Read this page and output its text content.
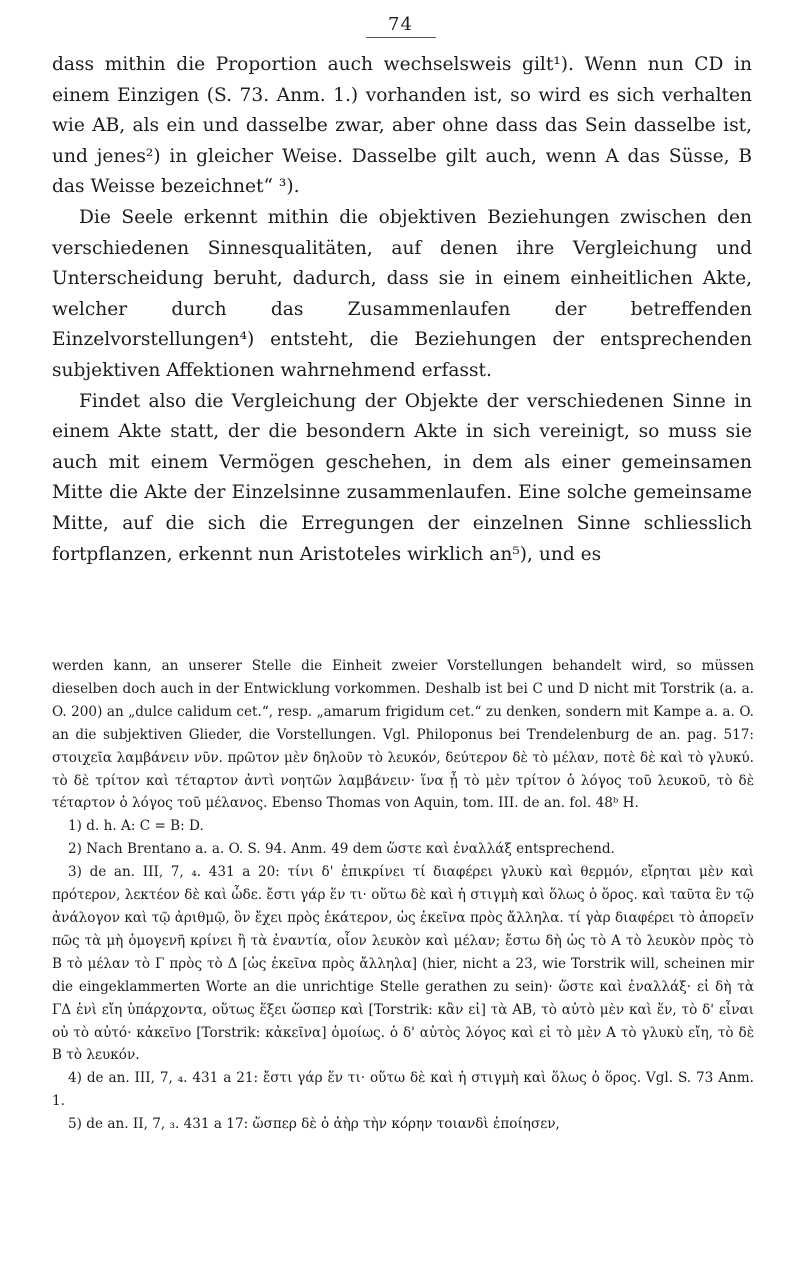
74

dass mithin die Proportion auch wechselsweis gilt¹). Wenn nun CD in einem Einzigen (S. 73. Anm. 1.) vorhanden ist, so wird es sich verhalten wie AB, als ein und dasselbe zwar, aber ohne dass das Sein dasselbe ist, und jenes²) in gleicher Weise. Dasselbe gilt auch, wenn A das Süsse, B das Weisse bezeichnet“ ³).

Die Seele erkennt mithin die objektiven Beziehungen zwischen den verschiedenen Sinnesqualitäten, auf denen ihre Vergleichung und Unterscheidung beruht, dadurch, dass sie in einem einheitlichen Akte, welcher durch das Zusammenlaufen der betreffenden Einzelvorstellungen⁴) entsteht, die Beziehungen der entsprechenden subjektiven Affektionen wahrnehmend erfasst.

Findet also die Vergleichung der Objekte der verschiedenen Sinne in einem Akte statt, der die besondern Akte in sich vereinigt, so muss sie auch mit einem Vermögen geschehen, in dem als einer gemeinsamen Mitte die Akte der Einzelsinne zusammenlaufen. Eine solche gemeinsame Mitte, auf die sich die Erregungen der einzelnen Sinne schliesslich fortpflanzen, erkennt nun Aristoteles wirklich an⁵), und es

werden kann, an unserer Stelle die Einheit zweier Vorstellungen behandelt wird, so müssen dieselben doch auch in der Entwicklung vorkommen. Deshalb ist bei C und D nicht mit Torstrik (a. a. O. 200) an „dulce calidum cet.“, resp. „amarum frigidum cet.“ zu denken, sondern mit Kampe a. a. O. an die subjektiven Glieder, die Vorstellungen. Vgl. Philoponus bei Trendelenburg de an. pag. 517: στοιχεῖα λαμβάνειν νῦν. πρῶτον μὲν δηλοῦν τὸ λευκόν, δεύτερον δὲ τὸ μέλαν, ποτὲ δὲ καὶ τὸ γλυκύ. τὸ δὲ τρίτον καὶ τέταρτον ἀντὶ νοητῶν λαμβάνειν· ἵνα ᾖ τὸ μὲν τρίτον ὁ λόγος τοῦ λευκοῦ, τὸ δὲ τέταρτον ὁ λόγος τοῦ μέλανος. Ebenso Thomas von Aquin, tom. III. de an. fol. 48ᵇ H.

1) d. h. A: C = B: D.

2) Nach Brentano a. a. O. S. 94. Anm. 49 dem ὥστε καὶ ἐναλλάξ entsprechend.

3) de an. III, 7, ₄. 431 a 20: τίνι δ' ἐπικρίνει τί διαφέρει γλυκὺ καὶ θερμόν, εἴρηται μὲν καὶ πρότερον, λεκτέον δὲ καὶ ὧδε. ἔστι γάρ ἕν τι· οὕτω δὲ καὶ ἡ στιγμὴ καὶ ὅλως ὁ ὅρος. καὶ ταῦτα ἓν τῷ ἀνάλογον καὶ τῷ ἀριθμῷ, ὂν ἔχει πρὸς ἑκάτερον, ὡς ἐκεῖνα πρὸς ἄλληλα. τί γὰρ διαφέρει τὸ ἀπορεῖν πῶς τὰ μὴ ὁμογενῆ κρίνει ἢ τὰ ἐναντία, οἷον λευκὸν καὶ μέλαν; ἔστω δὴ ὡς τὸ A τὸ λευκὸν πρὸς τὸ B τὸ μέλαν τὸ Γ πρὸς τὸ Δ [ὡς ἐκεῖνα πρὸς ἄλληλα] (hier, nicht a 23, wie Torstrik will, scheinen mir die eingeklammerten Worte an die unrichtige Stelle gerathen zu sein)· ὥστε καὶ ἐναλλάξ· εἰ δὴ τὰ ΓΔ ἑνὶ εἴη ὑπάρχοντα, οὕτως ἕξει ὥσπερ καὶ [Torstrik: κἂν εἰ] τὰ AB, τὸ αὐτὸ μὲν καὶ ἕν, τὸ δ' εἶναι οὐ τὸ αὐτό· κἀκεῖνο [Torstrik: κἀκεῖνα] ὁμοίως. ὁ δ' αὐτὸς λόγος καὶ εἰ τὸ μὲν A τὸ γλυκὺ εἴη, τὸ δὲ B τὸ λευκόν.

4) de an. III, 7, ₄. 431 a 21: ἔστι γάρ ἕν τι· οὕτω δὲ καὶ ἡ στιγμὴ καὶ ὅλως ὁ ὅρος. Vgl. S. 73 Anm. 1.

5) de an. II, 7, ₃. 431 a 17: ὥσπερ δὲ ὁ ἀὴρ τὴν κόρην τοιανδὶ ἐποίησεν,
